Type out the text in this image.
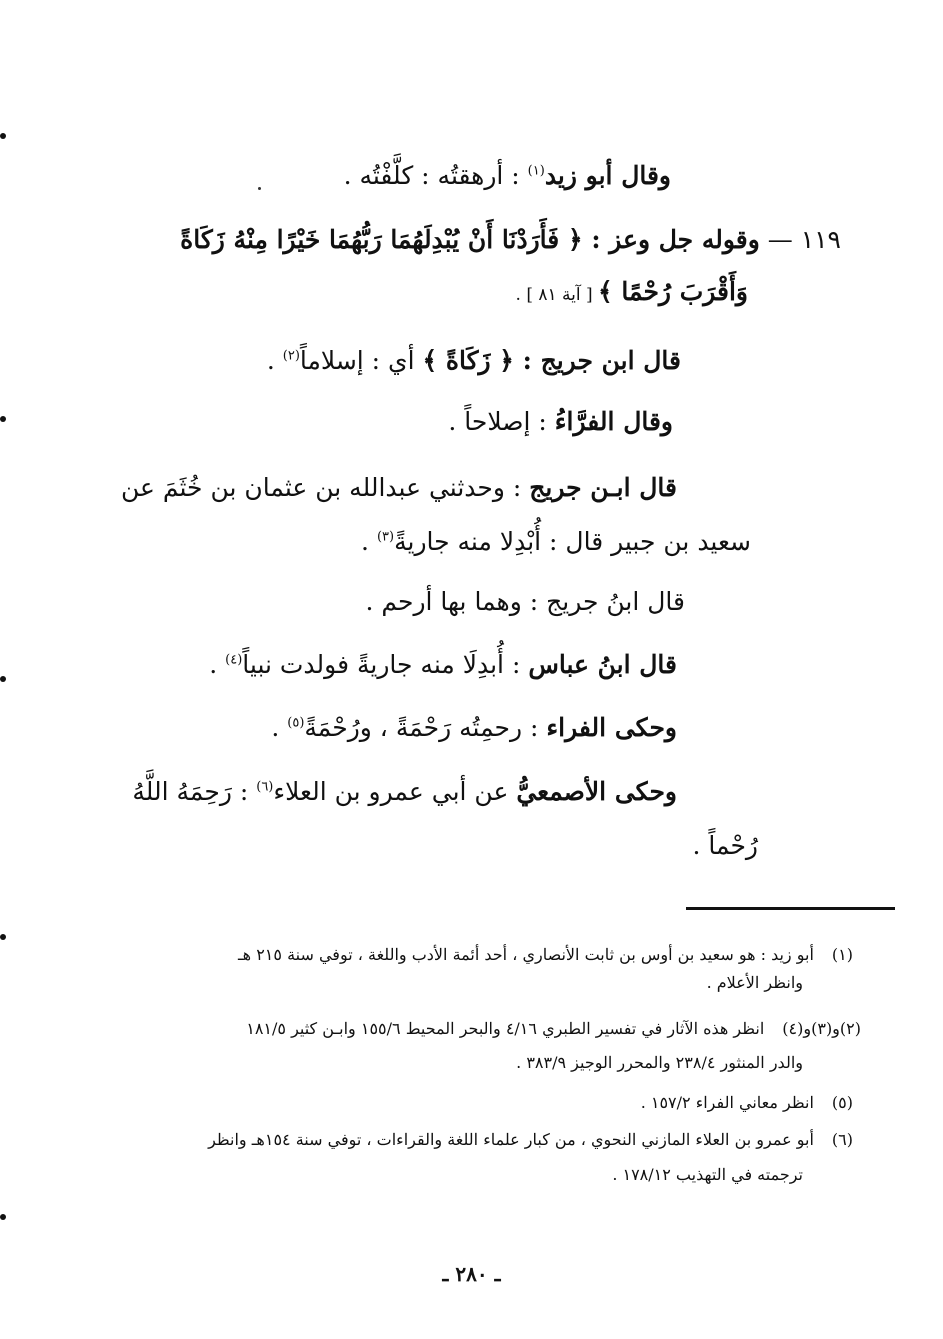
وقال أبو زيد$^{(١)}$ : أرهقتُه : كلَّفْتُه .
١١٩ — وقوله جل وعز : ﴿ فَأَرَدْنَا أَنْ يُبْدِلَهُمَا رَبُّهُمَا خَيْرًا مِنْهُ زَكَاةً
وَأَقْرَبَ رُحْمًا ﴾ [ آية ٨١ ] .
قال ابن جريج : ﴿ زَكَاةً ﴾ أي : إسلاماً$^{(٢)}$ .
وقال الفرَّاءُ : إصلاحاً .
قال ابـن جريج : وحدثني عبدالله بن عثمان بن خُثَمَ عن
سعيد بن جبير قال : أُبْدِلا منه جاريةً$^{(٣)}$ .
قال ابنُ جريج : وهما بها أرحم .
قال ابنُ عباس : أُبدِلَا منه جاريةً فولدت نبياً$^{(٤)}$ .
وحكى الفراء : رحمِتُه رَحْمَةً ، ورُحْمَةً$^{(٥)}$ .
وحكى الأصمعيُّ عن أبي عمرو بن العلاء$^{(٦)}$ : رَحِمَهُ اللَّهُ
رُحْماً .
(١)أبو زيد : هو سعيد بن أوس بن ثابت الأنصاري ، أحد أئمة الأدب واللغة ، توفي سنة ٢١٥ هـ
وانظر الأعلام .
(٢)و(٣)و(٤)انظر هذه الآثار في تفسير الطبري ٤/١٦ والبحر المحيط ١٥٥/٦ وابـن كثير ١٨١/٥
والدر المنثور ٢٣٨/٤ والمحرر الوجيز ٣٨٣/٩ .
(٥)انظر معاني الفراء ١٥٧/٢ .
(٦)أبو عمرو بن العلاء المازني النحوي ، من كبار علماء اللغة والقراءات ، توفي سنة ١٥٤هـ وانظر
ترجمته في التهذيب ١٧٨/١٢ .
ـ ٢٨٠ ـ
